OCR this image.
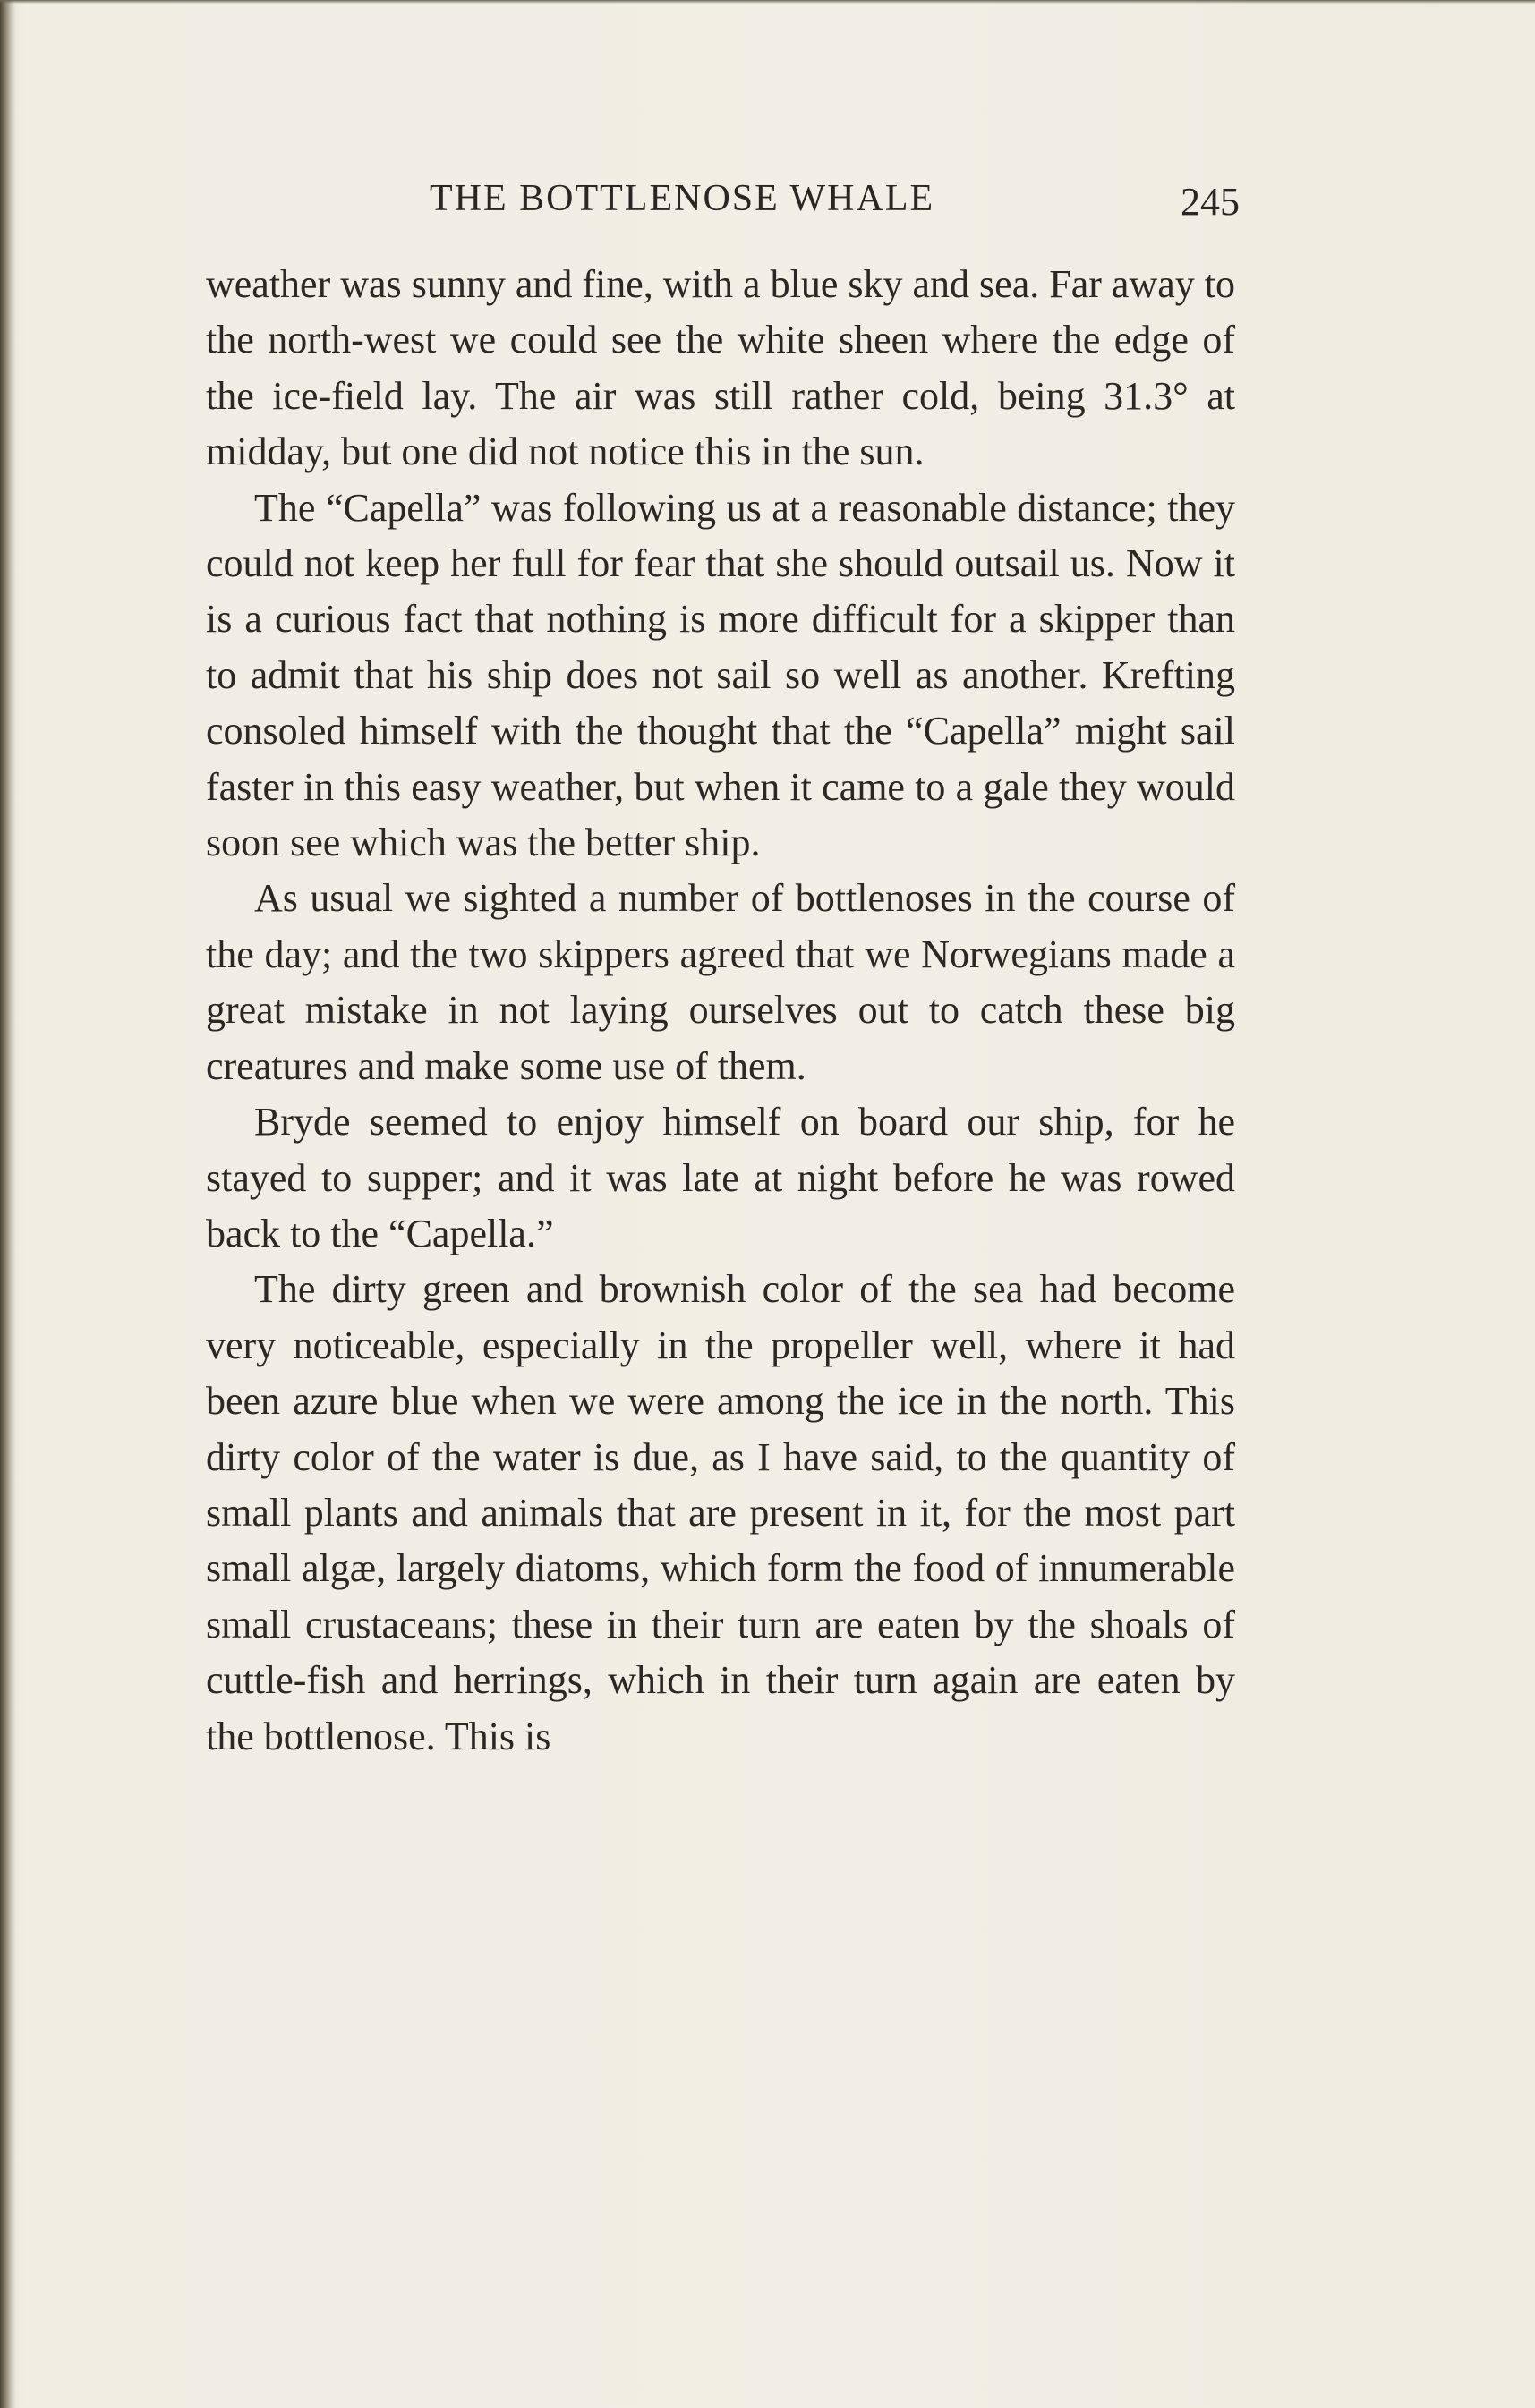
THE BOTTLENOSE WHALE	245

weather was sunny and fine, with a blue sky and sea. Far away to the north-west we could see the white sheen where the edge of the ice-field lay. The air was still rather cold, being 31.3° at midday, but one did not notice this in the sun.

The “Capella” was following us at a reasonable distance; they could not keep her full for fear that she should outsail us. Now it is a curious fact that nothing is more difficult for a skipper than to admit that his ship does not sail so well as another. Krefting consoled himself with the thought that the “Capella” might sail faster in this easy weather, but when it came to a gale they would soon see which was the better ship.

As usual we sighted a number of bottlenoses in the course of the day; and the two skippers agreed that we Norwegians made a great mistake in not laying ourselves out to catch these big creatures and make some use of them.

Bryde seemed to enjoy himself on board our ship, for he stayed to supper; and it was late at night before he was rowed back to the “Capella.”

The dirty green and brownish color of the sea had become very noticeable, especially in the propeller well, where it had been azure blue when we were among the ice in the north. This dirty color of the water is due, as I have said, to the quantity of small plants and animals that are present in it, for the most part small algæ, largely diatoms, which form the food of innumerable small crustaceans; these in their turn are eaten by the shoals of cuttle-fish and herrings, which in their turn again are eaten by the bottlenose. This is
